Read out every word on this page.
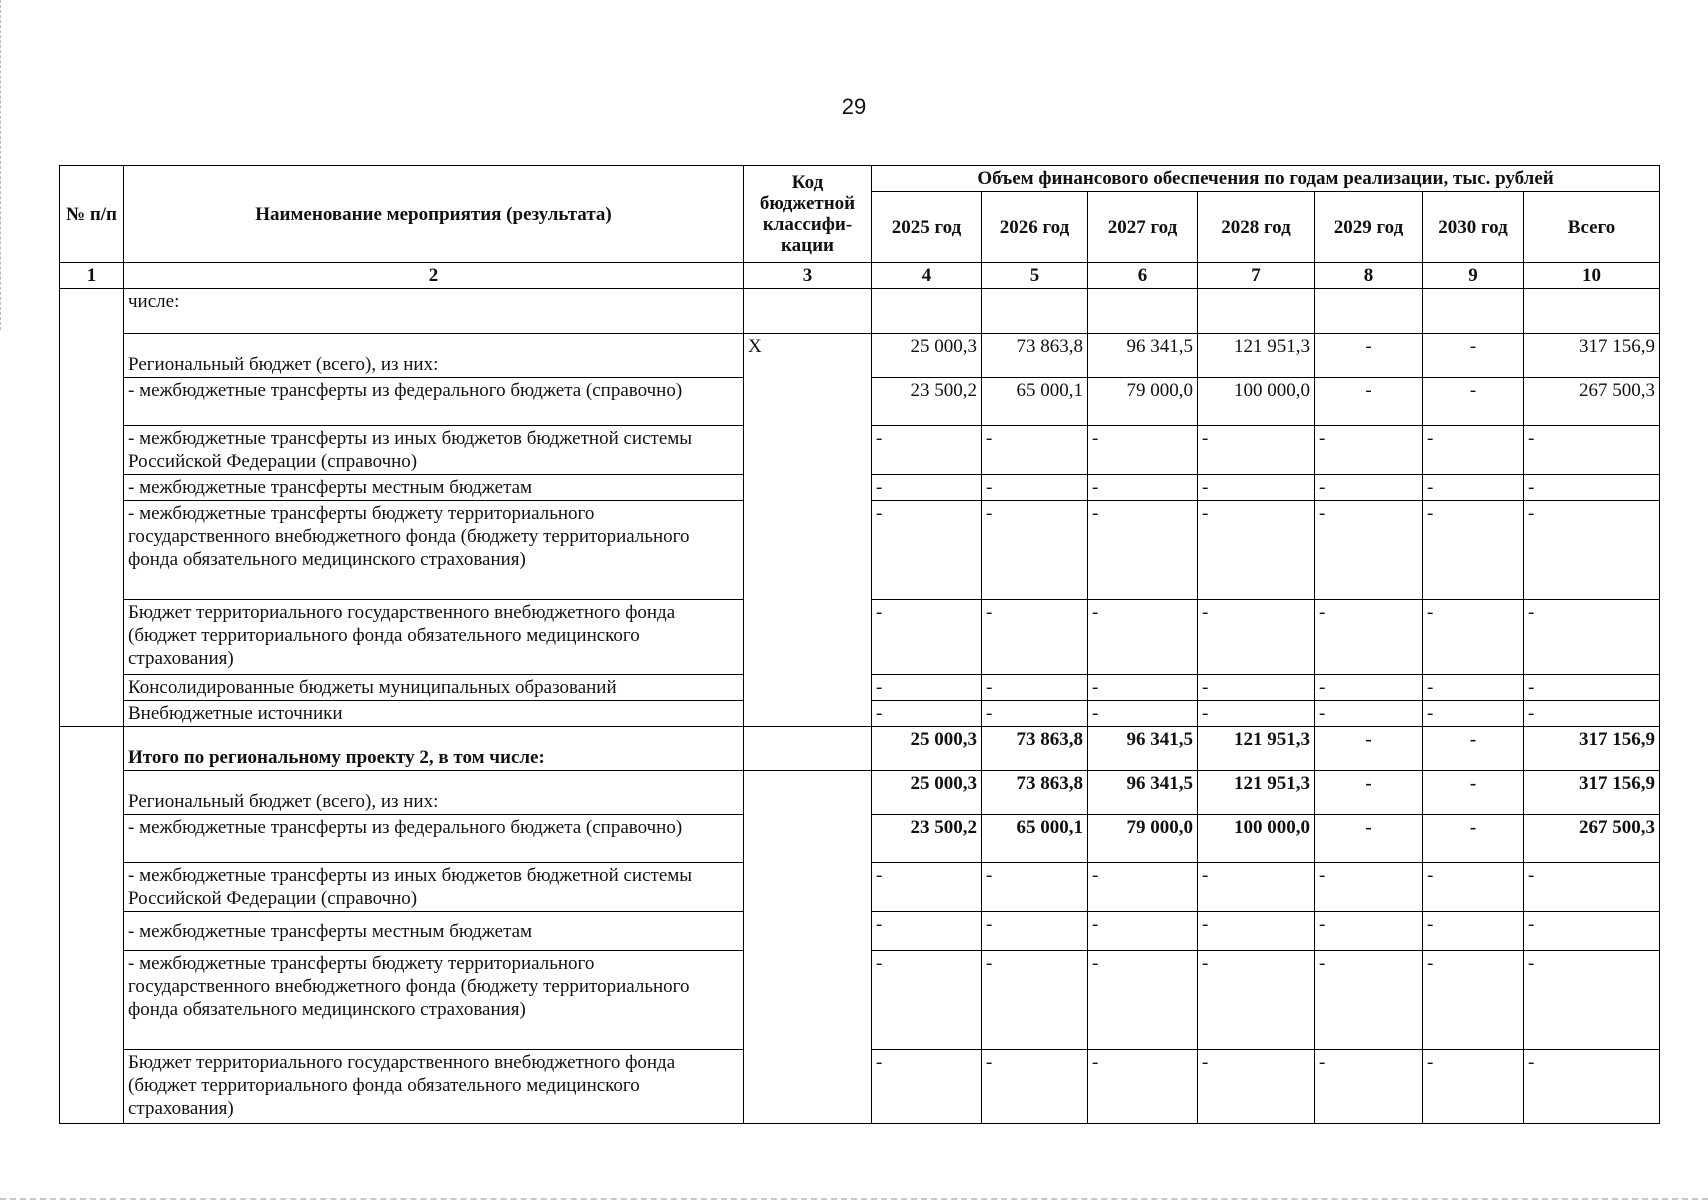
29
№ п/п	Наименование мероприятия (результата)	Код бюджетной классифи-кации	Объем финансового обеспечения по годам реализации, тыс. рублей						
			2025 год	2026 год	2027 год	2028 год	2029 год	2030 год	Всего
1	2	3	4	5	6	7	8	9	10
	числе:								
	Региональный бюджет (всего), из них:	Х	25 000,3	73 863,8	96 341,5	121 951,3	-	-	317 156,9
	- межбюджетные трансферты из федерального бюджета (справочно)		23 500,2	65 000,1	79 000,0	100 000,0	-	-	267 500,3
	- межбюджетные трансферты из иных бюджетов бюджетной системы Российской Федерации (справочно)		-	-	-	-	-	-	-
	- межбюджетные трансферты местным бюджетам		-	-	-	-	-	-	-
	- межбюджетные трансферты бюджету территориального государственного внебюджетного фонда (бюджету территориального фонда обязательного медицинского страхования)		-	-	-	-	-	-	-
	Бюджет территориального государственного внебюджетного фонда (бюджет территориального фонда обязательного медицинского страхования)		-	-	-	-	-	-	-
	Консолидированные бюджеты муниципальных образований		-	-	-	-	-	-	-
	Внебюджетные источники		-	-	-	-	-	-	-
	Итого по региональному проекту 2, в том числе:		25 000,3	73 863,8	96 341,5	121 951,3	-	-	317 156,9
	Региональный бюджет (всего), из них:		25 000,3	73 863,8	96 341,5	121 951,3	-	-	317 156,9
	- межбюджетные трансферты из федерального бюджета (справочно)		23 500,2	65 000,1	79 000,0	100 000,0	-	-	267 500,3
	- межбюджетные трансферты из иных бюджетов бюджетной системы Российской Федерации (справочно)		-	-	-	-	-	-	-
	- межбюджетные трансферты местным бюджетам		-	-	-	-	-	-	-
	- межбюджетные трансферты бюджету территориального государственного внебюджетного фонда (бюджету территориального фонда обязательного медицинского страхования)		-	-	-	-	-	-	-
	Бюджет территориального государственного внебюджетного фонда (бюджет территориального фонда обязательного медицинского страхования)		-	-	-	-	-	-	-
